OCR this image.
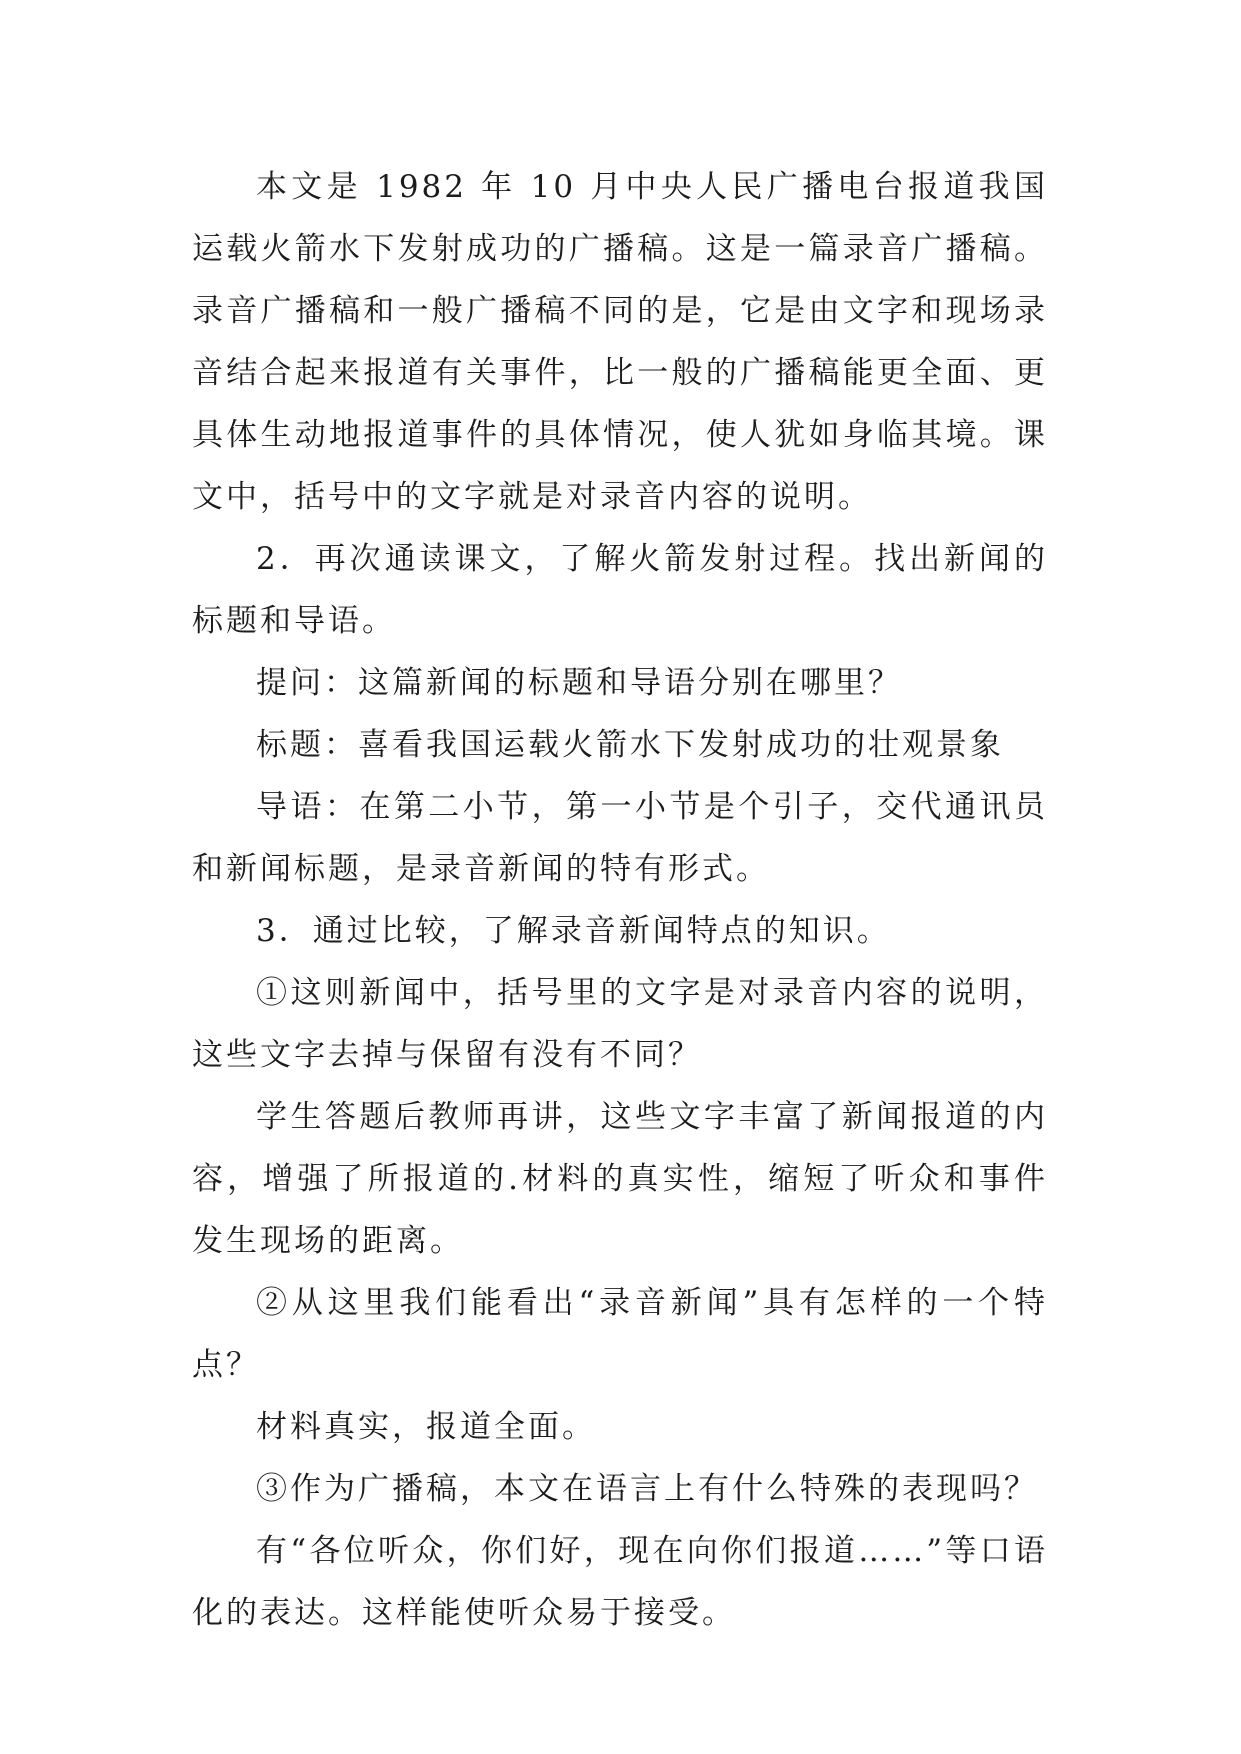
本文是 1982 年 10 月中央人民广播电台报道我国运载火箭水下发射成功的广播稿。这是一篇录音广播稿。录音广播稿和一般广播稿不同的是，它是由文字和现场录音结合起来报道有关事件，比一般的广播稿能更全面、更具体生动地报道事件的具体情况，使人犹如身临其境。课文中，括号中的文字就是对录音内容的说明。

2．再次通读课文，了解火箭发射过程。找出新闻的标题和导语。

提问：这篇新闻的标题和导语分别在哪里？

标题：喜看我国运载火箭水下发射成功的壮观景象

导语：在第二小节，第一小节是个引子，交代通讯员和新闻标题，是录音新闻的特有形式。

3．通过比较，了解录音新闻特点的知识。

①这则新闻中，括号里的文字是对录音内容的说明，这些文字去掉与保留有没有不同？

学生答题后教师再讲，这些文字丰富了新闻报道的内容，增强了所报道的.材料的真实性，缩短了听众和事件发生现场的距离。

②从这里我们能看出“录音新闻”具有怎样的一个特点？

材料真实，报道全面。

③作为广播稿，本文在语言上有什么特殊的表现吗？

有“各位听众，你们好，现在向你们报道……”等口语化的表达。这样能使听众易于接受。
